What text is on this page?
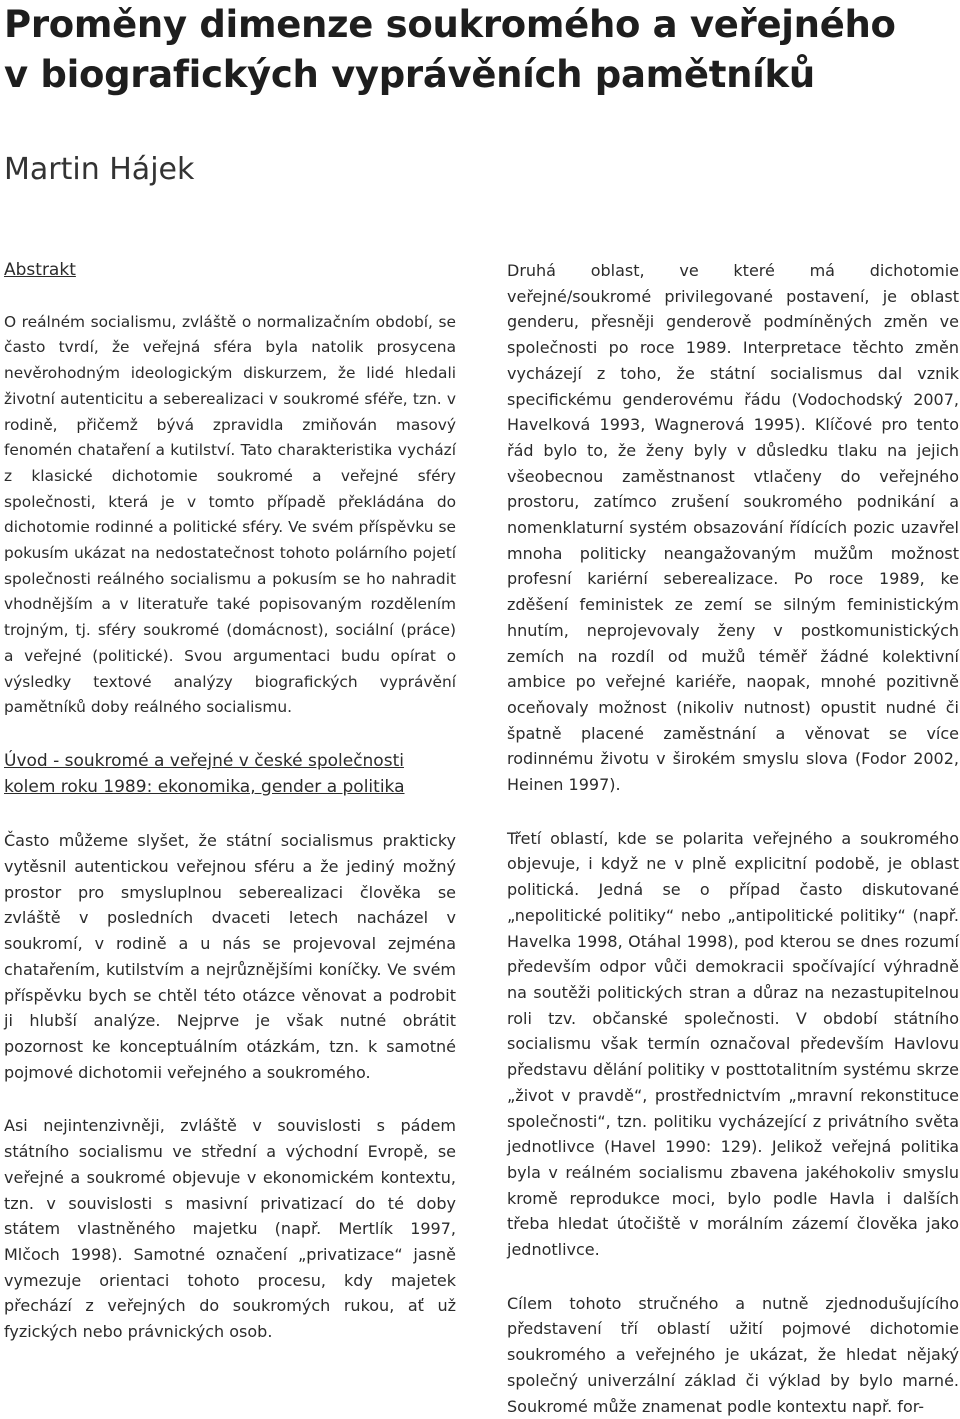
Proměny dimenze soukromého a veřejného
v biografických vyprávěních pamětníků
Martin Hájek

Abstrakt

O reálném socialismu, zvláště o normalizačním období, se často tvrdí, že veřejná sféra byla natolik prosycena nevěrohodným ideologickým diskurzem, že lidé hledali životní autenticitu a seberealizaci v soukromé sféře, tzn. v rodině, přičemž bývá zpravidla zmiňován masový fenomén chataření a kutilství. Tato charakteristika vychází z klasické dichotomie soukromé a veřejné sféry společnosti, která je v tomto případě překládána do dichotomie rodinné a politické sféry. Ve svém příspěvku se pokusím ukázat na nedostatečnost tohoto polárního pojetí společnosti reálného socialismu a pokusím se ho nahradit vhodnějším a v literatuře také popisovaným rozdělením trojným, tj. sféry soukromé (domácnost), sociální (práce) a veřejné (politické). Svou argumentaci budu opírat o výsledky textové analýzy biografických vyprávění pamětníků doby reálného socialismu.

Úvod - soukromé a veřejné v české společnosti kolem roku 1989: ekonomika, gender a politika

Často můžeme slyšet, že státní socialismus prakticky vytěsnil autentickou veřejnou sféru a že jediný možný prostor pro smysluplnou seberealizaci člověka se zvláště v posledních dvaceti letech nacházel v soukromí, v rodině a u nás se projevoval zejména chatařením, kutilstvím a nejrůznějšími koníčky. Ve svém příspěvku bych se chtěl této otázce věnovat a podrobit ji hlubší analýze. Nejprve je však nutné obrátit pozornost ke konceptuálním otázkám, tzn. k samotné pojmové dichotomii veřejného a soukromého.

Asi nejintenzivněji, zvláště v souvislosti s pádem státního socialismu ve střední a východní Evropě, se veřejné a soukromé objevuje v ekonomickém kontextu, tzn. v souvislosti s masivní privatizací do té doby státem vlastněného majetku (např. Mertlík 1997, Mlčoch 1998). Samotné označení „privatizace“ jasně vymezuje orientaci tohoto procesu, kdy majetek přechází z veřejných do soukromých rukou, ať už fyzických nebo právnických osob.

Druhá oblast, ve které má dichotomie veřejné/soukromé privilegované postavení, je oblast genderu, přesněji genderově podmíněných změn ve společnosti po roce 1989. Interpretace těchto změn vycházejí z toho, že státní socialismus dal vznik specifickému genderovému řádu (Vodochodský 2007, Havelková 1993, Wagnerová 1995). Klíčové pro tento řád bylo to, že ženy byly v důsledku tlaku na jejich všeobecnou zaměstnanost vtlačeny do veřejného prostoru, zatímco zrušení soukromého podnikání a nomenklaturní systém obsazování řídících pozic uzavřel mnoha politicky neangažovaným mužům možnost profesní kariérní seberealizace. Po roce 1989, ke zděšení feministek ze zemí se silným feministickým hnutím, neprojevovaly ženy v postkomunistických zemích na rozdíl od mužů téměř žádné kolektivní ambice po veřejné kariéře, naopak, mnohé pozitivně oceňovaly možnost (nikoliv nutnost) opustit nudné či špatně placené zaměstnání a věnovat se více rodinnému životu v širokém smyslu slova (Fodor 2002, Heinen 1997).

Třetí oblastí, kde se polarita veřejného a soukromého objevuje, i když ne v plně explicitní podobě, je oblast politická. Jedná se o případ často diskutované „nepolitické politiky“ nebo „antipolitické politiky“ (např. Havelka 1998, Otáhal 1998), pod kterou se dnes rozumí především odpor vůči demokracii spočívající výhradně na soutěži politických stran a důraz na nezastupitelnou roli tzv. občanské společnosti. V období státního socialismu však termín označoval především Havlovu představu dělání politiky v posttotalitním systému skrze „život v pravdě“, prostřednictvím „mravní rekonstituce společnosti“, tzn. politiku vycházející z privátního světa jednotlivce (Havel 1990: 129). Jelikož veřejná politika byla v reálném socialismu zbavena jakéhokoliv smyslu kromě reprodukce moci, bylo podle Havla i dalších třeba hledat útočiště v morálním zázemí člověka jako jednotlivce.

Cílem tohoto stručného a nutně zjednodušujícího představení tří oblastí užití pojmové dichotomie soukromého a veřejného je ukázat, že hledat nějaký společný univerzální základ či výklad by bylo marné. Soukromé může znamenat podle kontextu např. for-
